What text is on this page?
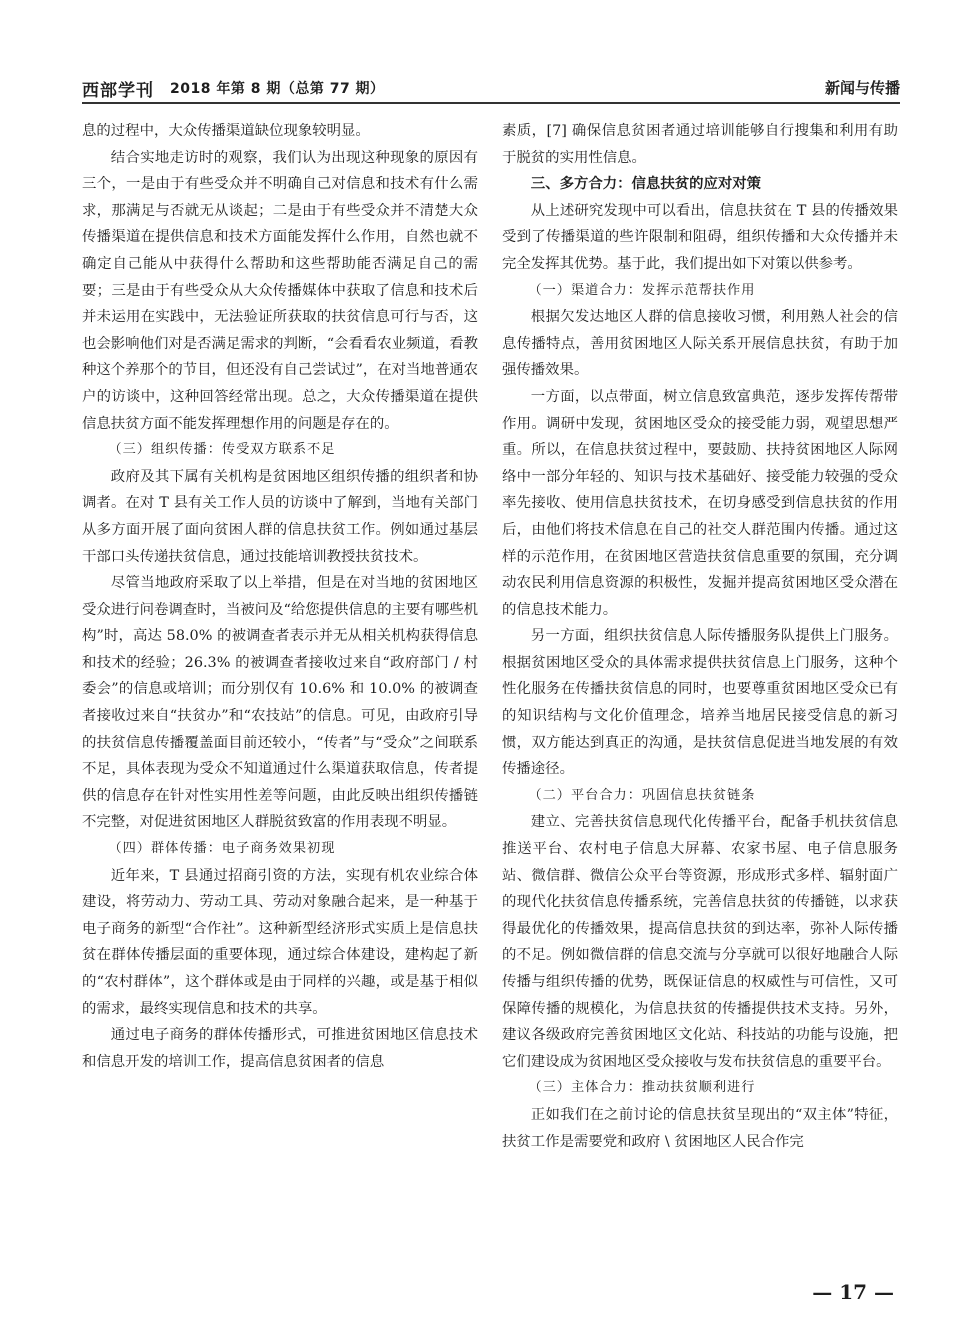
西部学刊 2018 年第 8 期（总第 77 期）	新闻与传播

息的过程中，大众传播渠道缺位现象较明显。

结合实地走访时的观察，我们认为出现这种现象的原因有三个，一是由于有些受众并不明确自己对信息和技术有什么需求，那满足与否就无从谈起；二是由于有些受众并不清楚大众传播渠道在提供信息和技术方面能发挥什么作用，自然也就不确定自己能从中获得什么帮助和这些帮助能否满足自己的需要；三是由于有些受众从大众传播媒体中获取了信息和技术后并未运用在实践中，无法验证所获取的扶贫信息可行与否，这也会影响他们对是否满足需求的判断，“会看看农业频道，看教种这个养那个的节目，但还没有自己尝试过”，在对当地普通农户的访谈中，这种回答经常出现。总之，大众传播渠道在提供信息扶贫方面不能发挥理想作用的问题是存在的。

（三）组织传播：传受双方联系不足

政府及其下属有关机构是贫困地区组织传播的组织者和协调者。在对 T 县有关工作人员的访谈中了解到，当地有关部门从多方面开展了面向贫困人群的信息扶贫工作。例如通过基层干部口头传递扶贫信息，通过技能培训教授扶贫技术。

尽管当地政府采取了以上举措，但是在对当地的贫困地区受众进行问卷调查时，当被问及“给您提供信息的主要有哪些机构”时，高达 58.0% 的被调查者表示并无从相关机构获得信息和技术的经验；26.3% 的被调查者接收过来自“政府部门 / 村委会”的信息或培训；而分别仅有 10.6% 和 10.0% 的被调查者接收过来自“扶贫办”和“农技站”的信息。可见，由政府引导的扶贫信息传播覆盖面目前还较小，“传者”与“受众”之间联系不足，具体表现为受众不知道通过什么渠道获取信息，传者提供的信息存在针对性实用性差等问题，由此反映出组织传播链不完整，对促进贫困地区人群脱贫致富的作用表现不明显。

（四）群体传播：电子商务效果初现

近年来，T 县通过招商引资的方法，实现有机农业综合体建设，将劳动力、劳动工具、劳动对象融合起来，是一种基于电子商务的新型“合作社”。这种新型经济形式实质上是信息扶贫在群体传播层面的重要体现，通过综合体建设，建构起了新的“农村群体”，这个群体或是由于同样的兴趣，或是基于相似的需求，最终实现信息和技术的共享。

通过电子商务的群体传播形式，可推进贫困地区信息技术和信息开发的培训工作，提高信息贫困者的信息

素质，[7] 确保信息贫困者通过培训能够自行搜集和利用有助于脱贫的实用性信息。

三、多方合力：信息扶贫的应对对策

从上述研究发现中可以看出，信息扶贫在 T 县的传播效果受到了传播渠道的些许限制和阻碍，组织传播和大众传播并未完全发挥其优势。基于此，我们提出如下对策以供参考。

（一）渠道合力：发挥示范帮扶作用

根据欠发达地区人群的信息接收习惯，利用熟人社会的信息传播特点，善用贫困地区人际关系开展信息扶贫，有助于加强传播效果。

一方面，以点带面，树立信息致富典范，逐步发挥传帮带作用。调研中发现，贫困地区受众的接受能力弱，观望思想严重。所以，在信息扶贫过程中，要鼓励、扶持贫困地区人际网络中一部分年轻的、知识与技术基础好、接受能力较强的受众率先接收、使用信息扶贫技术，在切身感受到信息扶贫的作用后，由他们将技术信息在自己的社交人群范围内传播。通过这样的示范作用，在贫困地区营造扶贫信息重要的氛围，充分调动农民利用信息资源的积极性，发掘并提高贫困地区受众潜在的信息技术能力。

另一方面，组织扶贫信息人际传播服务队提供上门服务。根据贫困地区受众的具体需求提供扶贫信息上门服务，这种个性化服务在传播扶贫信息的同时，也要尊重贫困地区受众已有的知识结构与文化价值理念，培养当地居民接受信息的新习惯，双方能达到真正的沟通，是扶贫信息促进当地发展的有效传播途径。

（二）平台合力：巩固信息扶贫链条

建立、完善扶贫信息现代化传播平台，配备手机扶贫信息推送平台、农村电子信息大屏幕、农家书屋、电子信息服务站、微信群、微信公众平台等资源，形成形式多样、辐射面广的现代化扶贫信息传播系统，完善信息扶贫的传播链，以求获得最优化的传播效果，提高信息扶贫的到达率，弥补人际传播的不足。例如微信群的信息交流与分享就可以很好地融合人际传播与组织传播的优势，既保证信息的权威性与可信性，又可保障传播的规模化，为信息扶贫的传播提供技术支持。另外，建议各级政府完善贫困地区文化站、科技站的功能与设施，把它们建设成为贫困地区受众接收与发布扶贫信息的重要平台。

（三）主体合力：推动扶贫顺利进行

正如我们在之前讨论的信息扶贫呈现出的“双主体”特征，扶贫工作是需要党和政府 \ 贫困地区人民合作完

— 17 —
